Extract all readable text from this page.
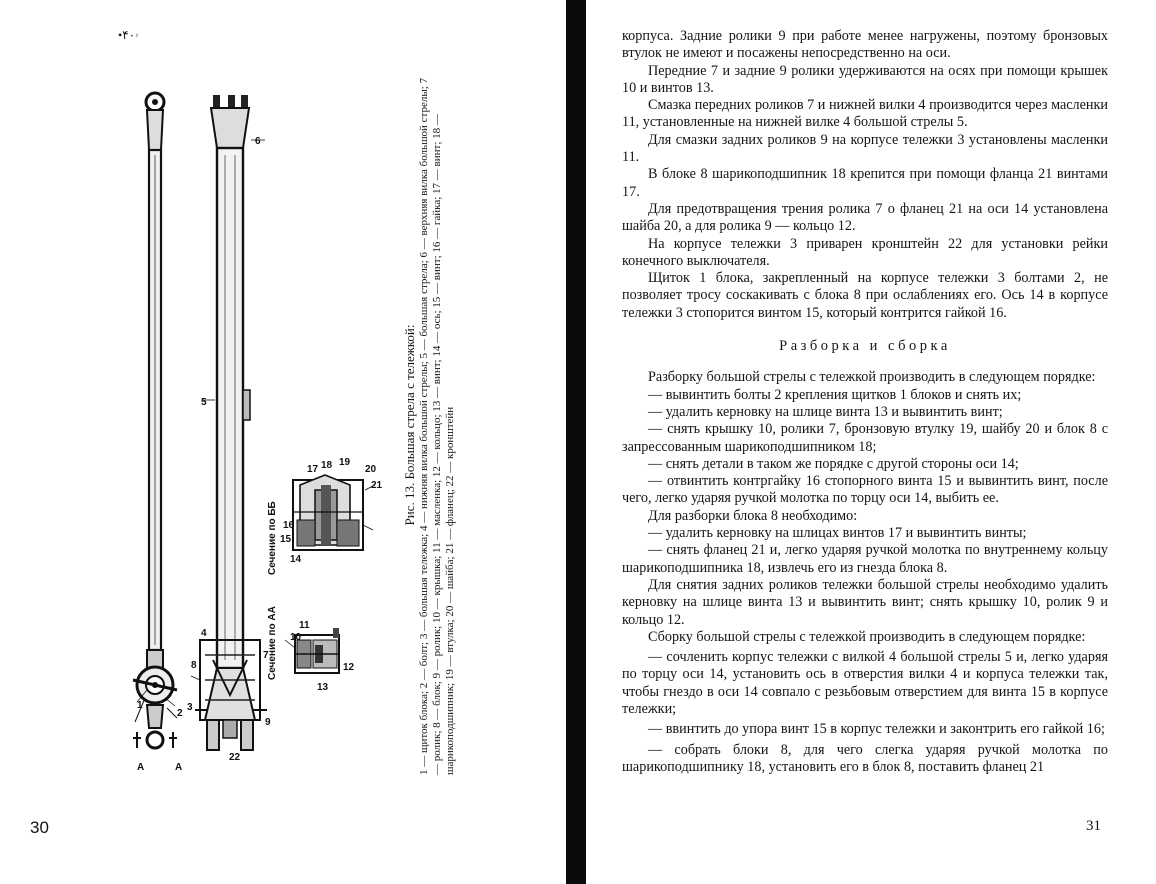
•ۥ۴۰
1
2
3
4
5
6
7
8
9
10
11
12
13
14
15
16
17 18 19
20
21
22
А	А
Сечение по АА
Сечение по ББ
Рис. 13. Большая стрела с тележкой: 1 — щиток блока; 2 — болт; 3 — большая тележка; 4 — нижняя вилка большой стрелы; 5 — большая стрела; 6 — верхняя вилка большой стрелы; 7 — ролик; 8 — блок; 9 — ролик; 10 — крышка; 11 — масленка; 12 — кольцо; 13 — винт; 14 — ось; 15 — винт; 16 — гайка; 17 — винт; 18 — шарикоподшипник; 19 — втулка; 20 — шайба; 21 — фланец; 22 — кронштейн
30

корпуса. Задние ролики 9 при работе менее нагружены, поэтому бронзовых втулок не имеют и посажены непосредственно на оси.

Передние 7 и задние 9 ролики удерживаются на осях при помощи крышек 10 и винтов 13.

Смазка передних роликов 7 и нижней вилки 4 производится через масленки 11, установленные на нижней вилке 4 большой стрелы 5.

Для смазки задних роликов 9 на корпусе тележки 3 установлены масленки 11.

В блоке 8 шарикоподшипник 18 крепится при помощи фланца 21 винтами 17.

Для предотвращения трения ролика 7 о фланец 21 на оси 14 установлена шайба 20, а для ролика 9 — кольцо 12.

На корпусе тележки 3 приварен кронштейн 22 для установки рейки конечного выключателя.

Щиток 1 блока, закрепленный на корпусе тележки 3 болтами 2, не позволяет тросу соскакивать с блока 8 при ослаблениях его. Ось 14 в корпусе тележки 3 стопорится винтом 15, который контрится гайкой 16.

Разборка и сборка

Разборку большой стрелы с тележкой производить в следующем порядке:

— вывинтить болты 2 крепления щитков 1 блоков и снять их;

— удалить керновку на шлице винта 13 и вывинтить винт;

— снять крышку 10, ролики 7, бронзовую втулку 19, шайбу 20 и блок 8 с запрессованным шарикоподшипником 18;

— снять детали в таком же порядке с другой стороны оси 14;

— отвинтить контргайку 16 стопорного винта 15 и вывинтить винт, после чего, легко ударяя ручкой молотка по торцу оси 14, выбить ее.

Для разборки блока 8 необходимо:

— удалить керновку на шлицах винтов 17 и вывинтить винты;

— снять фланец 21 и, легко ударяя ручкой молотка по внутреннему кольцу шарикоподшипника 18, извлечь его из гнезда блока 8.

Для снятия задних роликов тележки большой стрелы необходимо удалить керновку на шлице винта 13 и вывинтить винт; снять крышку 10, ролик 9 и кольцо 12.

Сборку большой стрелы с тележкой производить в следующем порядке:

— сочленить корпус тележки с вилкой 4 большой стрелы 5 и, легко ударяя по торцу оси 14, установить ось в отверстия вилки 4 и корпуса тележки так, чтобы гнездо в оси 14 совпало с резьбовым отверстием для винта 15 в корпусе тележки;

— ввинтить до упора винт 15 в корпус тележки и законтрить его гайкой 16;

— собрать блоки 8, для чего слегка ударяя ручкой молотка по шарикоподшипнику 18, установить его в блок 8, поставить фланец 21

31
